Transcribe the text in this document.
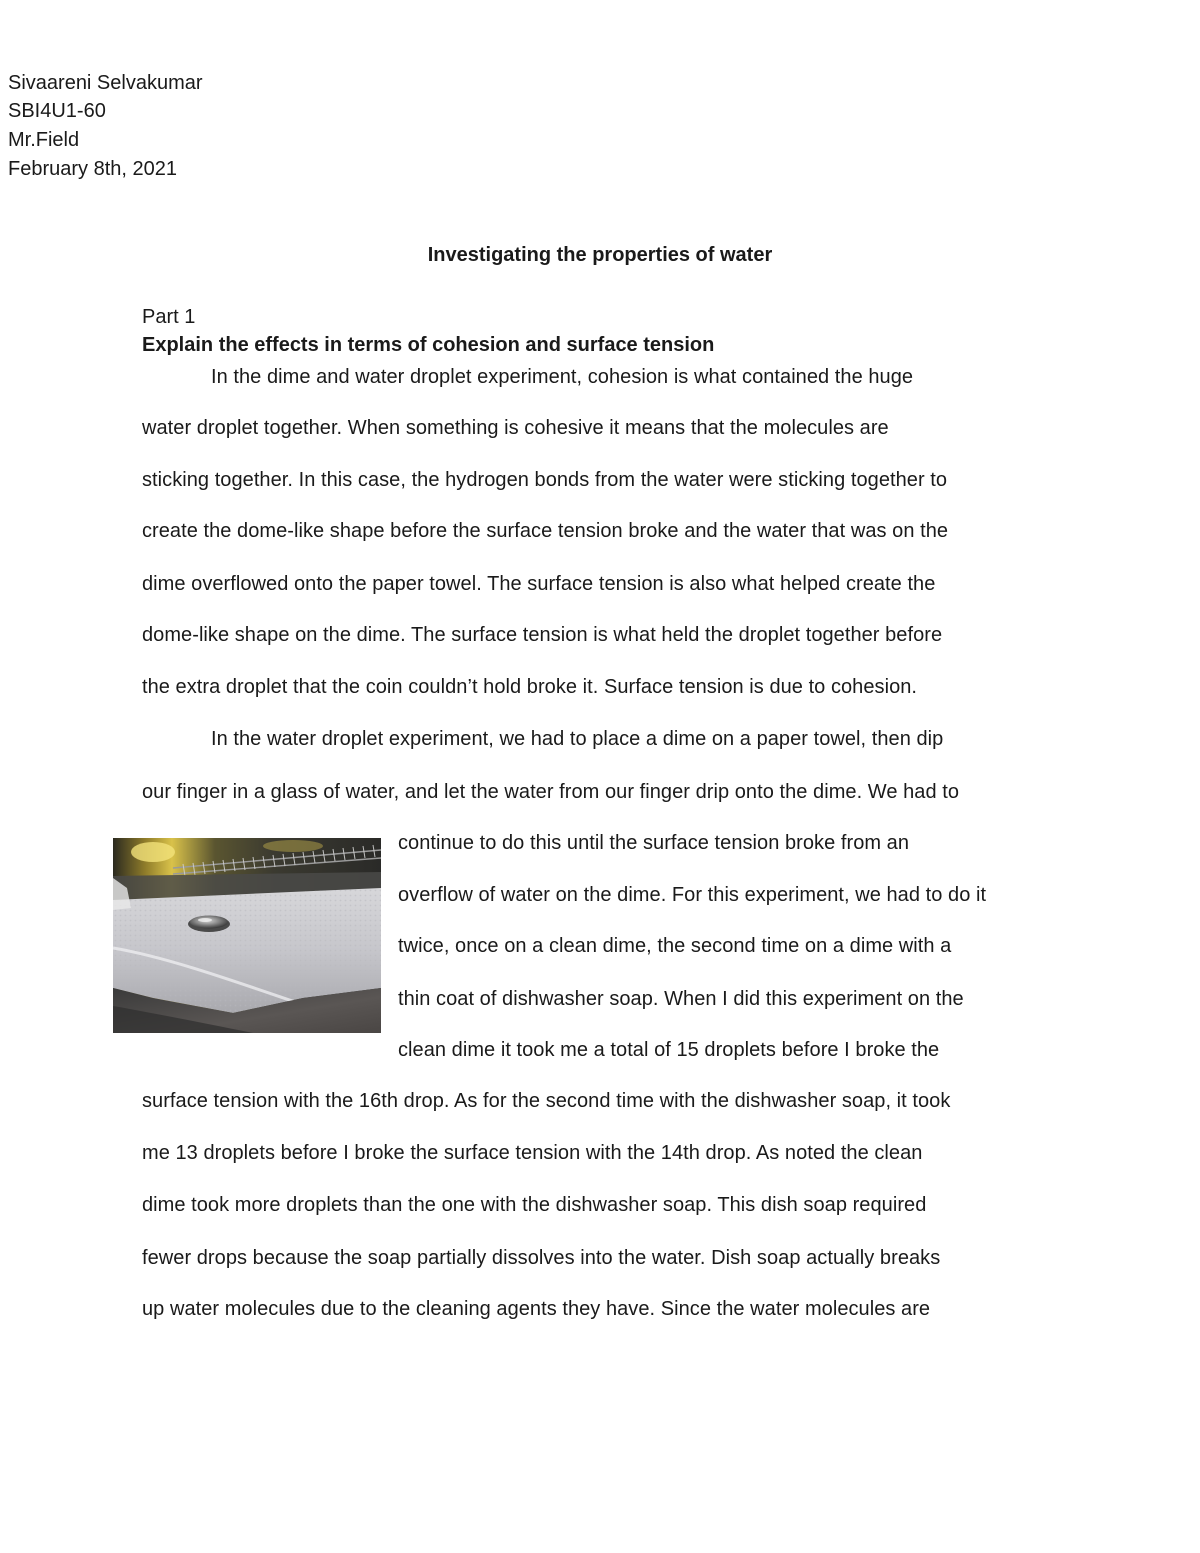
Sivaareni Selvakumar
SBI4U1-60
Mr.Field
February 8th, 2021
Investigating the properties of water
Part 1
Explain the effects in terms of cohesion and surface tension
In the dime and water droplet experiment, cohesion is what contained the huge
water droplet together. When something is cohesive it means that the molecules are
sticking together. In this case, the hydrogen bonds from the water were sticking together to
create the dome-like shape before the surface tension broke and the water that was on the
dime overflowed onto the paper towel. The surface tension is also what helped create the
dome-like shape on the dime. The surface tension is what held the droplet together before
the extra droplet that the coin couldn’t hold broke it. Surface tension is due to cohesion.
In the water droplet experiment, we had to place a dime on a paper towel, then dip
our finger in a glass of water, and let the water from our finger drip onto the dime. We had to
continue to do this until the surface tension broke from an
overflow of water on the dime. For this experiment, we had to do it
twice, once on a clean dime, the second time on a dime with a
thin coat of dishwasher soap. When I did this experiment on the
clean dime it took me a total of 15 droplets before I broke the
surface tension with the 16th drop. As for the second time with the dishwasher soap, it took
me 13 droplets before I broke the surface tension with the 14th drop. As noted the clean
dime took more droplets than the one with the dishwasher soap. This dish soap required
fewer drops because the soap partially dissolves into the water. Dish soap actually breaks
up water molecules due to the cleaning agents they have. Since the water molecules are
